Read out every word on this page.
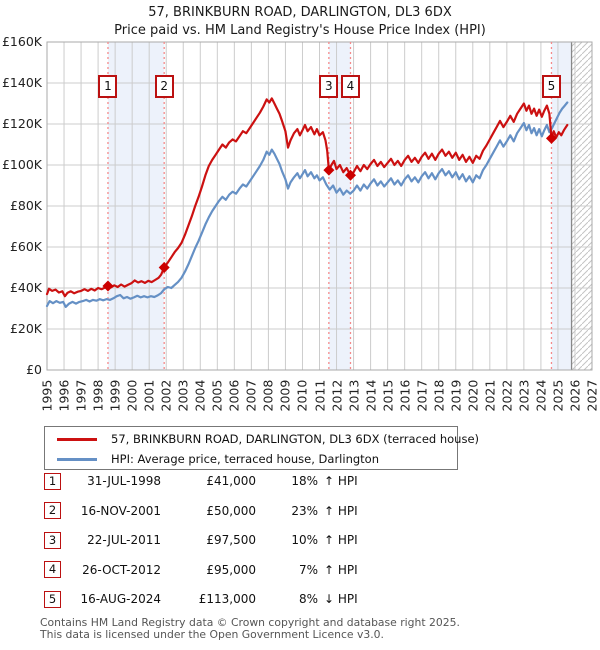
57, BRINKBURN ROAD, DARLINGTON, DL3 6DX
Price paid vs. HM Land Registry's House Price Index (HPI)
£0
£20K
£40K
£60K
£80K
£100K
£120K
£140K
£160K
1995 1996 1997 1998 1999 2000 2001 2002 2003 2004 2005 2006 2007 2008 2009 2010 2011 2012 2013 2014 2015 2016 2017 2018 2019 2020 2021 2022 2023 2024 2025 2026 2027
1	2	3	4	5
57, BRINKBURN ROAD, DARLINGTON, DL3 6DX (terraced house)
HPI: Average price, terraced house, Darlington
1	31-JUL-1998	£41,000	18% ↑ HPI
2	16-NOV-2001	£50,000	23% ↑ HPI
3	22-JUL-2011	£97,500	10% ↑ HPI
4	26-OCT-2012	£95,000	7% ↑ HPI
5	16-AUG-2024	£113,000	8% ↓ HPI
Contains HM Land Registry data © Crown copyright and database right 2025.
This data is licensed under the Open Government Licence v3.0.
